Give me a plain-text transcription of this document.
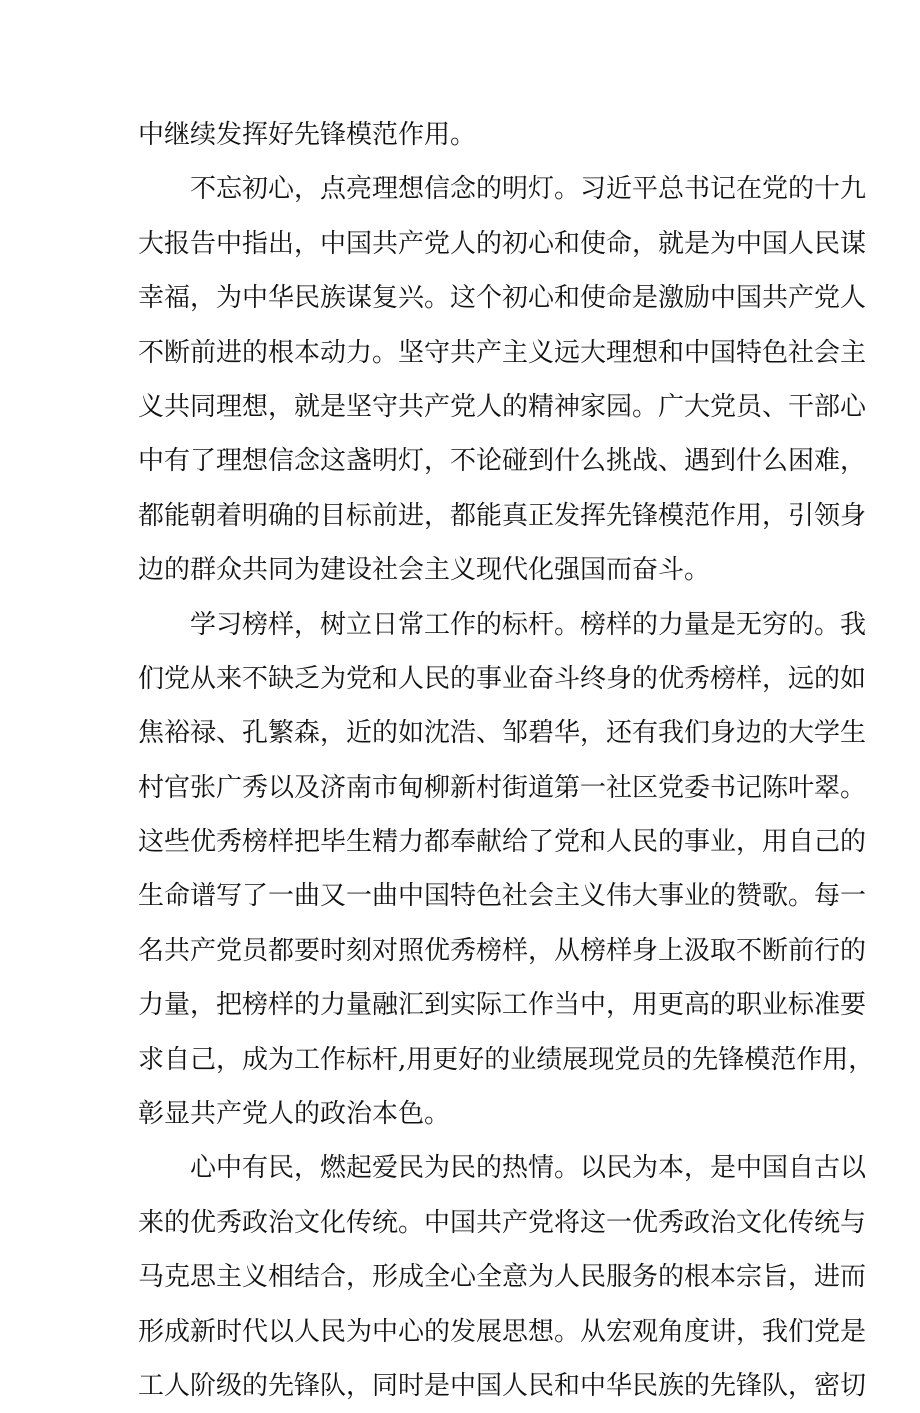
中继续发挥好先锋模范作用。
不忘初心，点亮理想信念的明灯。习近平总书记在党的十九
大报告中指出，中国共产党人的初心和使命，就是为中国人民谋
幸福，为中华民族谋复兴。这个初心和使命是激励中国共产党人
不断前进的根本动力。坚守共产主义远大理想和中国特色社会主
义共同理想，就是坚守共产党人的精神家园。广大党员、干部心
中有了理想信念这盏明灯，不论碰到什么挑战、遇到什么困难，
都能朝着明确的目标前进，都能真正发挥先锋模范作用，引领身
边的群众共同为建设社会主义现代化强国而奋斗。
学习榜样，树立日常工作的标杆。榜样的力量是无穷的。我
们党从来不缺乏为党和人民的事业奋斗终身的优秀榜样，远的如
焦裕禄、孔繁森，近的如沈浩、邹碧华，还有我们身边的大学生
村官张广秀以及济南市甸柳新村街道第一社区党委书记陈叶翠。
这些优秀榜样把毕生精力都奉献给了党和人民的事业，用自己的
生命谱写了一曲又一曲中国特色社会主义伟大事业的赞歌。每一
名共产党员都要时刻对照优秀榜样，从榜样身上汲取不断前行的
力量，把榜样的力量融汇到实际工作当中，用更高的职业标准要
求自己，成为工作标杆,用更好的业绩展现党员的先锋模范作用，
彰显共产党人的政治本色。
心中有民，燃起爱民为民的热情。以民为本，是中国自古以
来的优秀政治文化传统。中国共产党将这一优秀政治文化传统与
马克思主义相结合，形成全心全意为人民服务的根本宗旨，进而
形成新时代以人民为中心的发展思想。从宏观角度讲，我们党是
工人阶级的先锋队，同时是中国人民和中华民族的先锋队，密切
